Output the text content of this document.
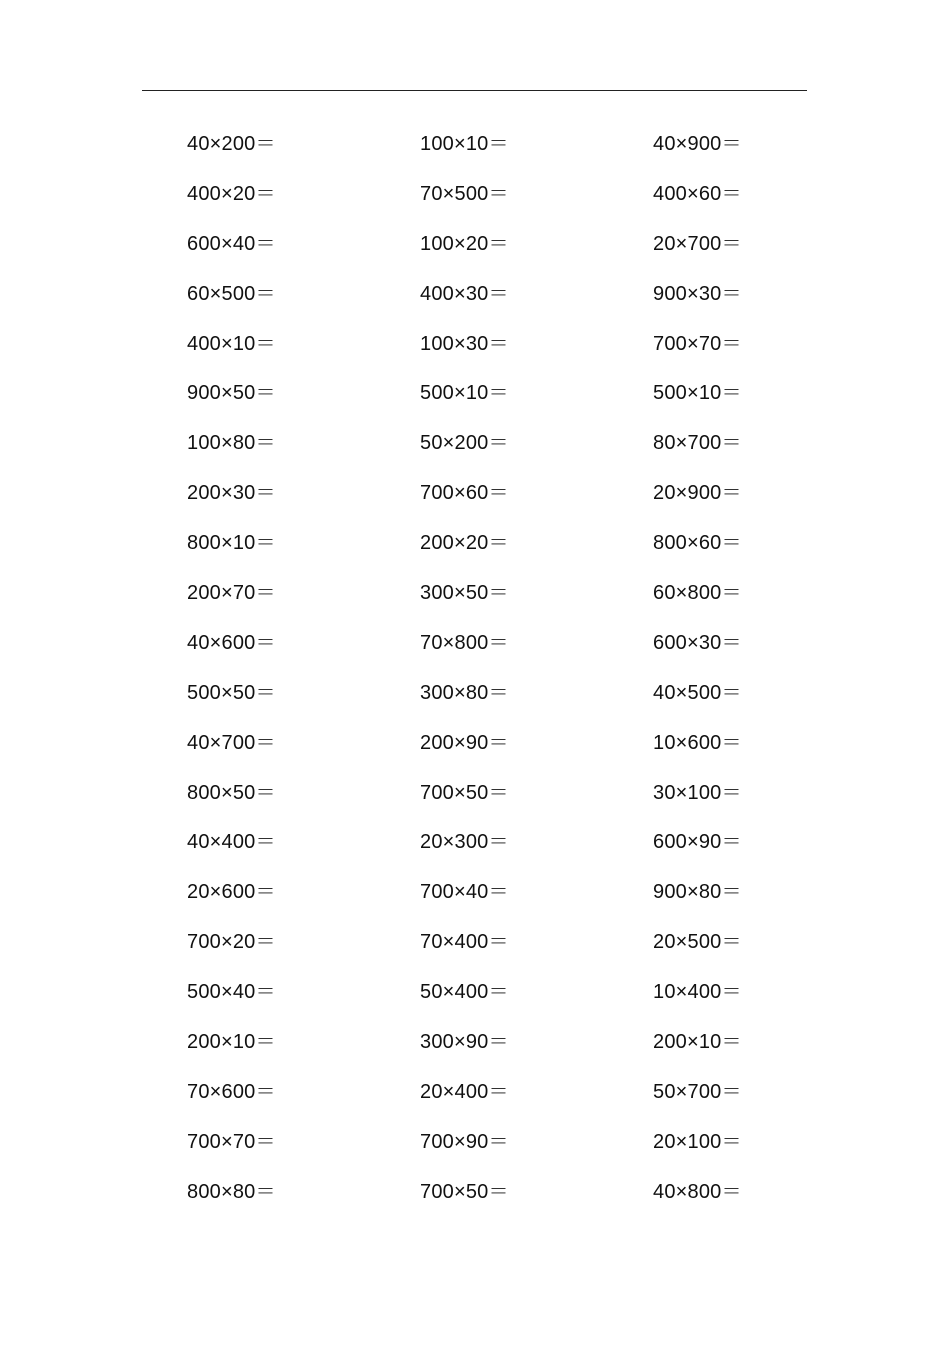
40×200＝	100×10＝	40×900＝
400×20＝	70×500＝	400×60＝
600×40＝	100×20＝	20×700＝
60×500＝	400×30＝	900×30＝
400×10＝	100×30＝	700×70＝
900×50＝	500×10＝	500×10＝
100×80＝	50×200＝	80×700＝
200×30＝	700×60＝	20×900＝
800×10＝	200×20＝	800×60＝
200×70＝	300×50＝	60×800＝
40×600＝	70×800＝	600×30＝
500×50＝	300×80＝	40×500＝
40×700＝	200×90＝	10×600＝
800×50＝	700×50＝	30×100＝
40×400＝	20×300＝	600×90＝
20×600＝	700×40＝	900×80＝
700×20＝	70×400＝	20×500＝
500×40＝	50×400＝	10×400＝
200×10＝	300×90＝	200×10＝
70×600＝	20×400＝	50×700＝
700×70＝	700×90＝	20×100＝
800×80＝	700×50＝	40×800＝
